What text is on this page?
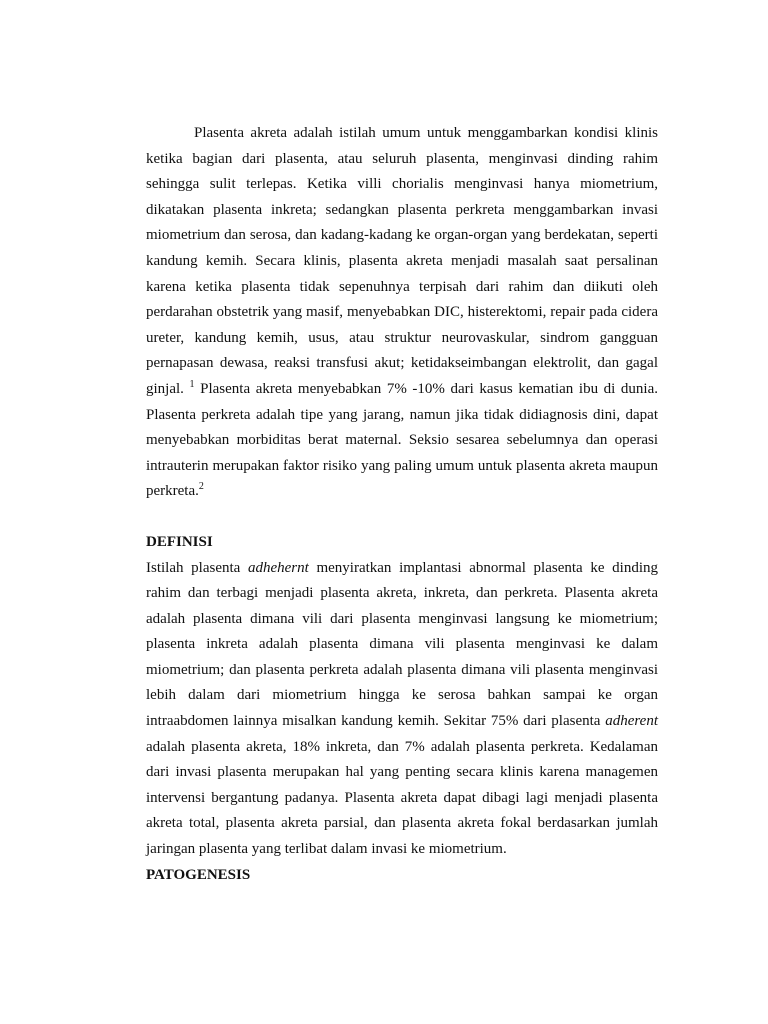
Plasenta akreta adalah istilah umum untuk menggambarkan kondisi klinis ketika bagian dari plasenta, atau seluruh plasenta, menginvasi dinding rahim sehingga sulit terlepas. Ketika villi chorialis menginvasi hanya miometrium, dikatakan plasenta inkreta; sedangkan plasenta perkreta menggambarkan invasi miometrium dan serosa, dan kadang-kadang ke organ-organ yang berdekatan, seperti kandung kemih. Secara klinis, plasenta akreta menjadi masalah saat persalinan karena ketika plasenta tidak sepenuhnya terpisah dari rahim dan diikuti oleh perdarahan obstetrik yang masif, menyebabkan DIC, histerektomi, repair pada cidera ureter, kandung kemih, usus, atau struktur neurovaskular, sindrom gangguan pernapasan dewasa, reaksi transfusi akut; ketidakseimbangan elektrolit, dan gagal ginjal. $^1$ Plasenta akreta menyebabkan 7% -10% dari kasus kematian ibu di dunia. Plasenta perkreta adalah tipe yang jarang, namun jika tidak didiagnosis dini, dapat menyebabkan morbiditas berat maternal. Seksio sesarea sebelumnya dan operasi intrauterin merupakan faktor risiko yang paling umum untuk plasenta akreta maupun perkreta.$^2$

DEFINISI

Istilah plasenta adhehernt menyiratkan implantasi abnormal plasenta ke dinding rahim dan terbagi menjadi plasenta akreta, inkreta, dan perkreta. Plasenta akreta adalah plasenta dimana vili dari plasenta menginvasi langsung ke miometrium; plasenta inkreta adalah plasenta dimana vili plasenta menginvasi ke dalam miometrium; dan plasenta perkreta adalah plasenta dimana vili plasenta menginvasi lebih dalam dari miometrium hingga ke serosa bahkan sampai ke organ intraabdomen lainnya misalkan kandung kemih. Sekitar 75% dari plasenta adherent adalah plasenta akreta, 18% inkreta, dan 7% adalah plasenta perkreta. Kedalaman dari invasi plasenta merupakan hal yang penting secara klinis karena managemen intervensi bergantung padanya. Plasenta akreta dapat dibagi lagi menjadi plasenta akreta total, plasenta akreta parsial, dan plasenta akreta fokal berdasarkan jumlah jaringan plasenta yang terlibat dalam invasi ke miometrium.

PATOGENESIS
